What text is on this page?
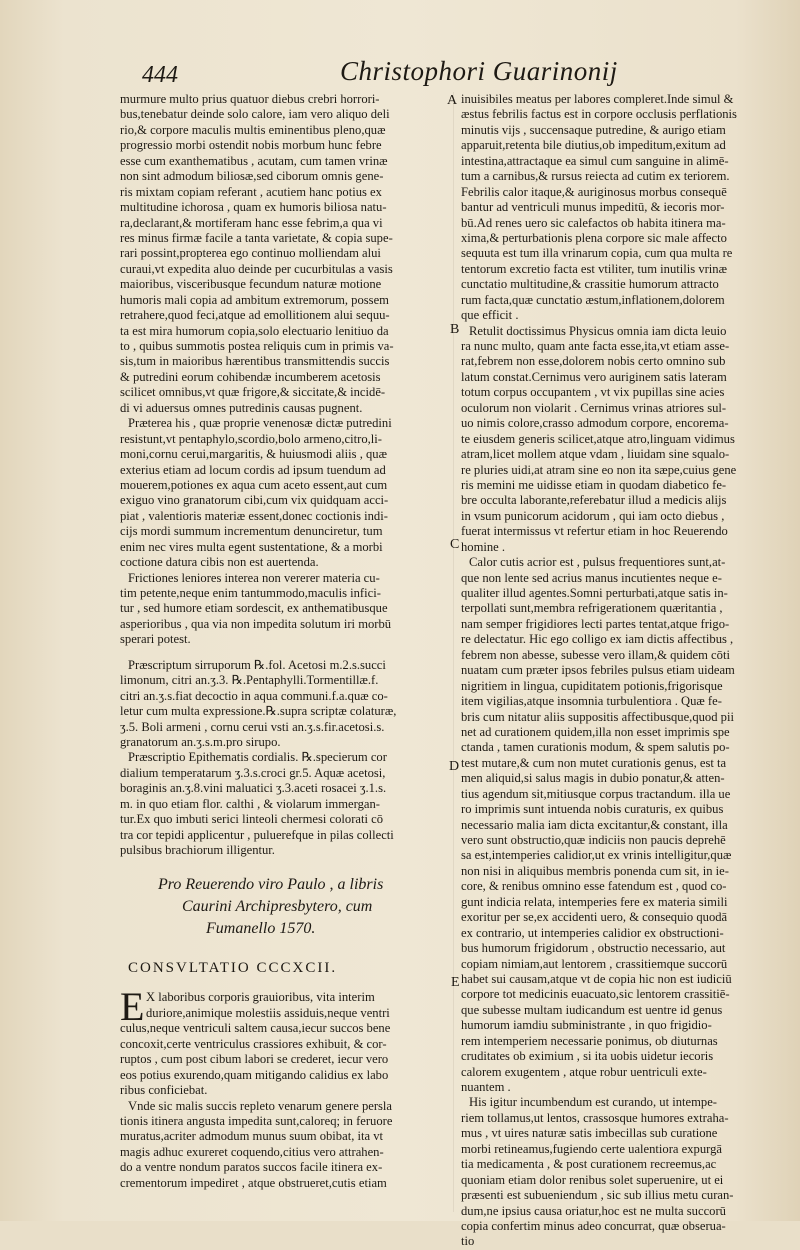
444	Christophori Guarinonij
A
B
C
D
E
murmure multo prius quatuor diebus crebri horrori-
bus,tenebatur deinde solo calore, iam vero aliquo deli
rio,& corpore maculis multis eminentibus pleno,quæ
progressio morbi ostendit nobis morbum hunc febre
esse cum exanthematibus , acutam, cum tamen vrinæ
non sint admodum biliosæ,sed ciborum omnis gene-
ris mixtam copiam referant , acutiem hanc potius ex
multitudine ichorosa , quam ex humoris biliosa natu-
ra,declarant,& mortiferam hanc esse febrim,a qua vi
res minus firmæ facile a tanta varietate, & copia supe-
rari possint,propterea ego continuo molliendam alui
curaui,vt expedita aluo deinde per cucurbitulas a vasis
maioribus, visceribusque fecundum naturæ motione
humoris mali copia ad ambitum extremorum, possem
retrahere,quod feci,atque ad emollitionem alui sequu-
ta est mira humorum copia,solo electuario lenitiuo da
to , quibus summotis postea reliquis cum in primis va-
sis,tum in maioribus hærentibus transmittendis succis
& putredini eorum cohibendæ incumberem acetosis
scilicet omnibus,vt quæ frigore,& siccitate,& incidē-
di vi aduersus omnes putredinis causas pugnent.
Præterea his , quæ proprie venenosæ dictæ putredini
resistunt,vt pentaphylo,scordio,bolo armeno,citro,li-
moni,cornu cerui,margaritis, & huiusmodi aliis , quæ
exterius etiam ad locum cordis ad ipsum tuendum ad
mouerem,potiones ex aqua cum aceto essent,aut cum
exiguo vino granatorum cibi,cum vix quidquam acci-
piat , valentioris materiæ essent,donec coctionis indi-
cijs mordi summum incrementum denunciretur, tum
enim nec vires multa egent sustentatione, & a morbi
coctione datura cibis non est auertenda.
Frictiones leniores interea non vererer materia cu-
tim petente,neque enim tantummodo,maculis infici-
tur , sed humore etiam sordescit, ex anthematibusque
asperioribus , qua via non impedita solutum iri morbū
sperari potest.
Præscriptum sirruporum ℞.fol. Acetosi m.2.s.succi
limonum, citri an.ʒ.3. ℞.Pentaphylli.Tormentillæ.f.
citri an.ʒ.s.fiat decoctio in aqua communi.f.a.quæ co-
letur cum multa expressione.℞.supra scriptæ colaturæ,
ʒ.5. Boli armeni , cornu cerui vsti an.ʒ.s.fir.acetosi.s.
granatorum an.ʒ.s.m.pro sirupo.
Præscriptio Epithematis cordialis. ℞.specierum cor
dialium temperatarum ʒ.3.s.croci gr.5. Aquæ acetosi,
boraginis an.ʒ.8.vini maluatici ʒ.3.aceti rosacei ʒ.1.s.
m. in quo etiam flor. calthi , & violarum immergan-
tur.Ex quo imbuti serici linteoli chermesi colorati cō
tra cor tepidi applicentur , puluerefque in pilas collecti
pulsibus brachiorum illigentur.
Pro Reuerendo viro Paulo , a libris
Caurini Archipresbytero, cum
Fumanello 1570.
CONSVLTATIO CCCXCII.
E X laboribus corporis grauioribus, vita interim
duriore,animique molestiis assiduis,neque ventri
culus,neque ventriculi saltem causa,iecur succos bene
concoxit,certe ventriculus crassiores exhibuit, & cor-
ruptos , cum post cibum labori se crederet, iecur vero
eos potius exurendo,quam mitigando calidius ex labo
ribus conficiebat.
Vnde sic malis succis repleto venarum genere persla
tionis itinera angusta impedita sunt,caloreq; in feruore
muratus,acriter admodum munus suum obibat, ita vt
magis adhuc exureret coquendo,citius vero attrahen-
do a ventre nondum paratos succos facile itinera ex-
crementorum impediret , atque obstrueret,cutis etiam
inuisibiles meatus per labores compleret.Inde simul &
æstus febrilis factus est in corpore occlusis perflationis
minutis vijs , succensaque putredine, & aurigo etiam
apparuit,retenta bile diutius,ob impeditum,exitum ad
intestina,attractaque ea simul cum sanguine in alimē-
tum a carnibus,& rursus reiecta ad cutim ex teriorem.
Febrilis calor itaque,& auriginosus morbus consequē
bantur ad ventriculi munus impeditū, & iecoris mor-
bū.Ad renes uero sic calefactos ob habita itinera ma-
xima,& perturbationis plena corpore sic male affecto
sequuta est tum illa vrinarum copia, cum qua multa re
tentorum excretio facta est vtiliter, tum inutilis vrinæ
cunctatio multitudine,& crassitie humorum attracto
rum facta,quæ cunctatio æstum,inflationem,dolorem
que efficit .
Retulit doctissimus Physicus omnia iam dicta leuio
ra nunc multo, quam ante facta esse,ita,vt etiam asse-
rat,febrem non esse,dolorem nobis certo omnino sub
latum constat.Cernimus vero auriginem satis lateram
totum corpus occupantem , vt vix pupillas sine acies
oculorum non violarit . Cernimus vrinas atriores sul-
uo nimis colore,crasso admodum corpore, encorema-
te eiusdem generis scilicet,atque atro,linguam vidimus
atram,licet mollem atque vdam , liuidam sine squalo-
re pluries uidi,at atram sine eo non ita sæpe,cuius gene
ris memini me uidisse etiam in quodam diabetico fe-
bre occulta laborante,referebatur illud a medicis alijs
in vsum punicorum acidorum , qui iam octo diebus ,
fuerat intermissus vt refertur etiam in hoc Reuerendo
homine .
Calor cutis acrior est , pulsus frequentiores sunt,at-
que non lente sed acrius manus incutientes neque e-
qualiter illud agentes.Somni perturbati,atque satis in-
terpollati sunt,membra refrigerationem quæritantia ,
nam semper frigidiores lecti partes tentat,atque frigo-
re delectatur. Hic ego colligo ex iam dictis affectibus ,
febrem non abesse, subesse vero illam,& quidem cōti
nuatam cum præter ipsos febriles pulsus etiam uideam
nigritiem in lingua, cupiditatem potionis,frigorisque
item vigilias,atque insomnia turbulentiora . Quæ fe-
bris cum nitatur aliis suppositis affectibusque,quod pii
net ad curationem quidem,illa non esset imprimis spe
ctanda , tamen curationis modum, & spem salutis po-
test mutare,& cum non mutet curationis genus, est ta
men aliquid,si salus magis in dubio ponatur,& atten-
tius agendum sit,mitiusque corpus tractandum. illa ue
ro imprimis sunt intuenda nobis curaturis, ex quibus
necessario malia iam dicta excitantur,& constant, illa
vero sunt obstructio,quæ indiciis non paucis deprehē
sa est,intemperies calidior,ut ex vrinis intelligitur,quæ
non nisi in aliquibus membris ponenda cum sit, in ie-
core, & renibus omnino esse fatendum est , quod co-
gunt indicia relata, intemperies fere ex materia simili
exoritur per se,ex accidenti uero, & consequio quodā
ex contrario, ut intemperies calidior ex obstructioni-
bus humorum frigidorum , obstructio necessario, aut
copiam nimiam,aut lentorem , crassitiemque succorū
habet sui causam,atque vt de copia hic non est iudiciū
corpore tot medicinis euacuato,sic lentorem crassitiē-
que subesse multam iudicandum est uentre id genus
humorum iamdiu subministrante , in quo frigidio-
rem intemperiem necessarie ponimus, ob diuturnas
cruditates ob eximium , si ita uobis uidetur iecoris
calorem exugentem , atque robur uentriculi exte-
nuantem .
His igitur incumbendum est curando, ut intempe-
riem tollamus,ut lentos, crassosque humores extraha-
mus , vt uires naturæ satis imbecillas sub curatione
morbi retineamus,fugiendo certe ualentiora expurgā
tia medicamenta , & post curationem recreemus,ac
quoniam etiam dolor renibus solet superuenire, ut ei
præsenti est subueniendum , sic sub illius metu curan-
dum,ne ipsius causa oriatur,hoc est ne multa succorū
copia confertim minus adeo concurrat, quæ obserua-
tio
